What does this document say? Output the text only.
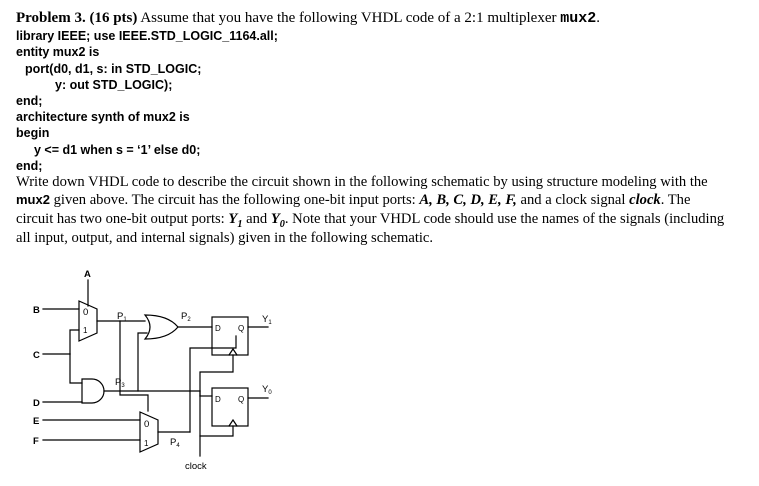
Problem 3. (16 pts) Assume that you have the following VHDL code of a 2:1 multiplexer mux2.
library IEEE; use IEEE.STD_LOGIC_1164.all;
entity mux2 is
port(d0, d1, s: in STD_LOGIC;
y: out STD_LOGIC);
end;
architecture synth of mux2 is
begin
y <= d1 when s = ‘1’ else d0;
end;
Write down VHDL code to describe the circuit shown in the following schematic by using structure modeling with the
mux2 given above. The circuit has the following one-bit input ports: A, B, C, D, E, F, and a clock signal clock. The
circuit has two one-bit output ports: $Y_1$ and $Y_0$. Note that your VHDL code should use the names of the signals (including
all input, output, and internal signals) given in the following schematic.
A
B
C
D
E
F
0
1
0
1
$P_1$	$P_2$
$P_3$
$P_4$
D Q
D Q
$Y_1$
$Y_0$
clock
